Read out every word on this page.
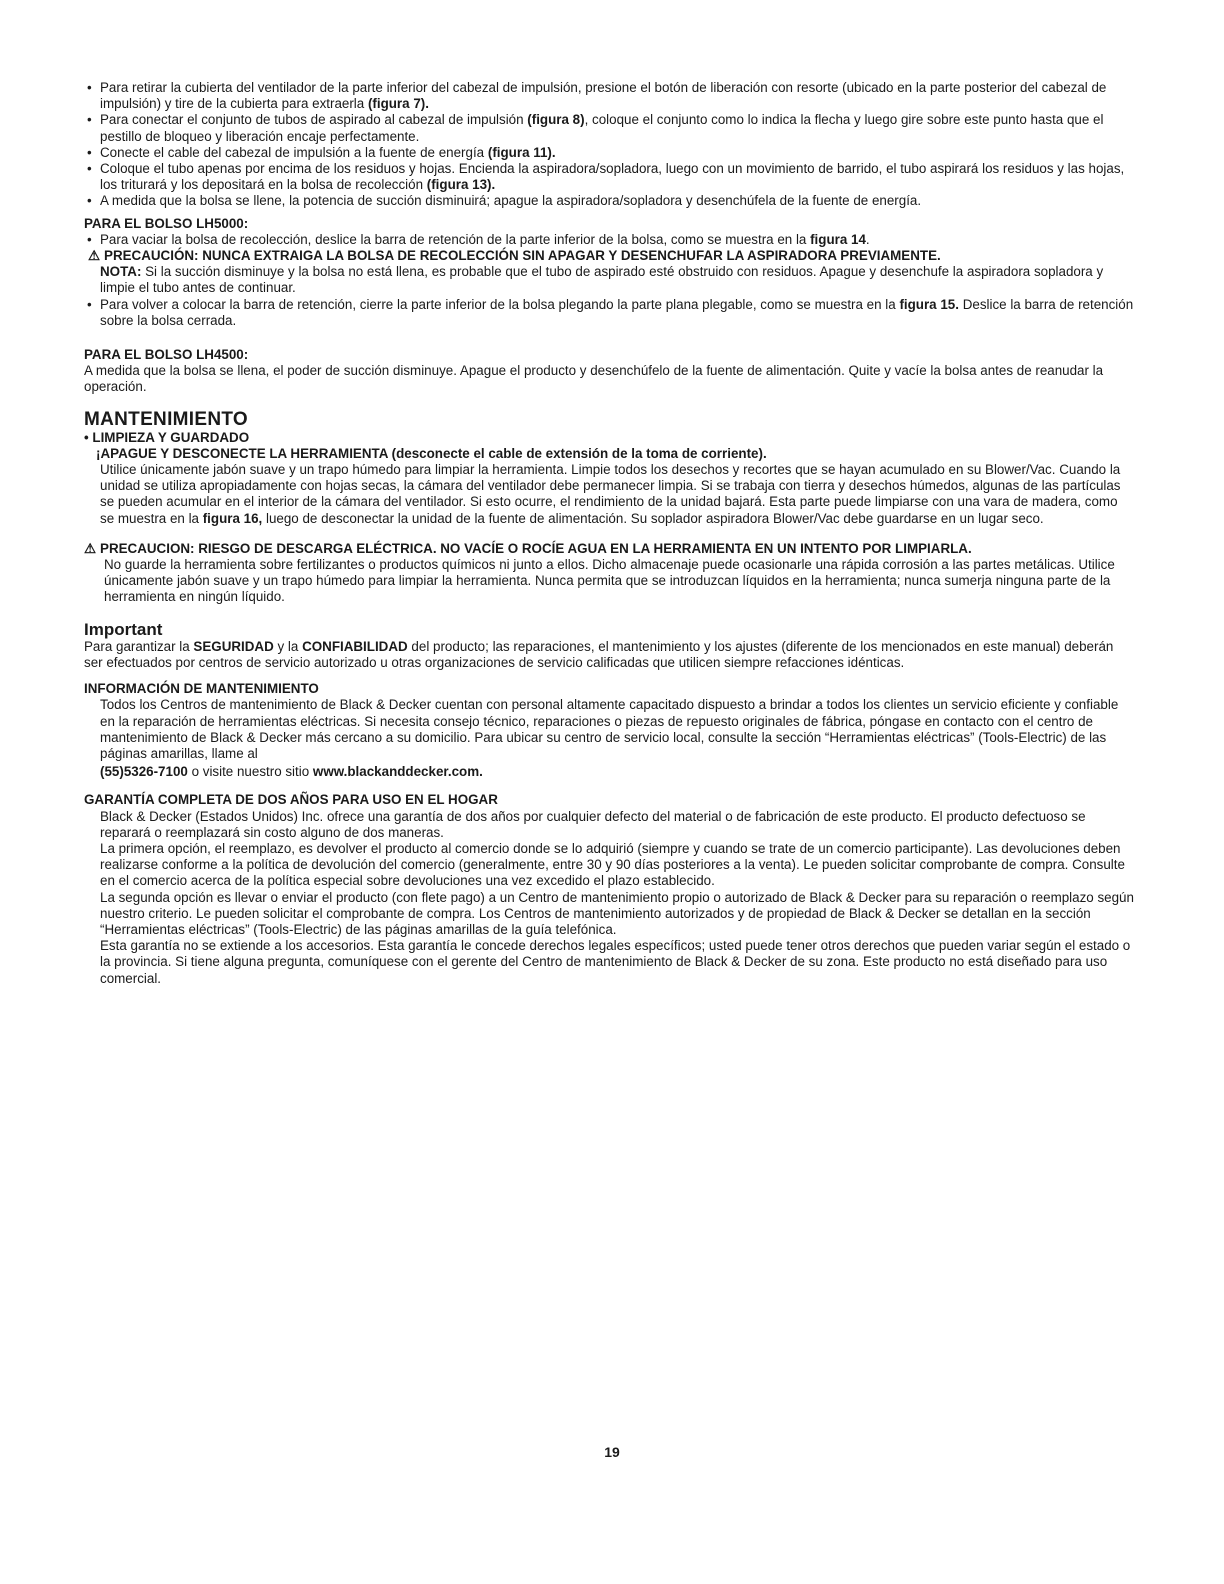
• Para retirar la cubierta del ventilador de la parte inferior del cabezal de impulsión, presione el botón de liberación con resorte (ubicado en la parte posterior del cabezal de impulsión) y tire de la cubierta para extraerla (figura 7).
• Para conectar el conjunto de tubos de aspirado al cabezal de impulsión (figura 8), coloque el conjunto como lo indica la flecha y luego gire sobre este punto hasta que el pestillo de bloqueo y liberación encaje perfectamente.
• Conecte el cable del cabezal de impulsión a la fuente de energía (figura 11).
• Coloque el tubo apenas por encima de los residuos y hojas. Encienda la aspiradora/sopladora, luego con un movimiento de barrido, el tubo aspirará los residuos y las hojas, los triturará y los depositará en la bolsa de recolección (figura 13).
• A medida que la bolsa se llene, la potencia de succión disminuirá; apague la aspiradora/sopladora y desenchúfela de la fuente de energía.
PARA EL BOLSO LH5000:
• Para vaciar la bolsa de recolección, deslice la barra de retención de la parte inferior de la bolsa, como se muestra en la figura 14.

⚠ PRECAUCIÓN: NUNCA EXTRAIGA LA BOLSA DE RECOLECCIÓN SIN APAGAR Y DESENCHUFAR LA ASPIRADORA PREVIAMENTE.

NOTA: Si la succión disminuye y la bolsa no está llena, es probable que el tubo de aspirado esté obstruido con residuos. Apague y desenchufe la aspiradora sopladora y limpie el tubo antes de continuar.

• Para volver a colocar la barra de retención, cierre la parte inferior de la bolsa plegando la parte plana plegable, como se muestra en la figura 15. Deslice la barra de retención sobre la bolsa cerrada.
PARA EL BOLSO LH4500:

A medida que la bolsa se llena, el poder de succión disminuye. Apague el producto y desenchúfelo de la fuente de alimentación. Quite y vacíe la bolsa antes de reanudar la operación.

MANTENIMIENTO
• LIMPIEZA Y GUARDADO

¡APAGUE Y DESCONECTE LA HERRAMIENTA (desconecte el cable de extensión de la toma de corriente).

Utilice únicamente jabón suave y un trapo húmedo para limpiar la herramienta. Limpie todos los desechos y recortes que se hayan acumulado en su Blower/Vac. Cuando la unidad se utiliza apropiadamente con hojas secas, la cámara del ventilador debe permanecer limpia. Si se trabaja con tierra y desechos húmedos, algunas de las partículas se pueden acumular en el interior de la cámara del ventilador. Si esto ocurre, el rendimiento de la unidad bajará. Esta parte puede limpiarse con una vara de madera, como se muestra en la figura 16, luego de desconectar la unidad de la fuente de alimentación. Su soplador aspiradora Blower/Vac debe guardarse en un lugar seco.

⚠ PRECAUCION: RIESGO DE DESCARGA ELÉCTRICA. NO VACÍE O ROCÍE AGUA EN LA HERRAMIENTA EN UN INTENTO POR LIMPIARLA.

No guarde la herramienta sobre fertilizantes o productos químicos ni junto a ellos. Dicho almacenaje puede ocasionarle una rápida corrosión a las partes metálicas. Utilice únicamente jabón suave y un trapo húmedo para limpiar la herramienta. Nunca permita que se introduzcan líquidos en la herramienta; nunca sumerja ninguna parte de la herramienta en ningún líquido.

Important

Para garantizar la SEGURIDAD y la CONFIABILIDAD del producto; las reparaciones, el mantenimiento y los ajustes (diferente de los mencionados en este manual) deberán ser efectuados por centros de servicio autorizado u otras organizaciones de servicio calificadas que utilicen siempre refacciones idénticas.

INFORMACIÓN DE MANTENIMIENTO

Todos los Centros de mantenimiento de Black & Decker cuentan con personal altamente capacitado dispuesto a brindar a todos los clientes un servicio eficiente y confiable en la reparación de herramientas eléctricas. Si necesita consejo técnico, reparaciones o piezas de repuesto originales de fábrica, póngase en contacto con el centro de mantenimiento de Black & Decker más cercano a su domicilio. Para ubicar su centro de servicio local, consulte la sección “Herramientas eléctricas” (Tools-Electric) de las páginas amarillas, llame al

(55)5326-7100 o visite nuestro sitio www.blackanddecker.com.

GARANTÍA COMPLETA DE DOS AÑOS PARA USO EN EL HOGAR

Black & Decker (Estados Unidos) Inc. ofrece una garantía de dos años por cualquier defecto del material o de fabricación de este producto. El producto defectuoso se reparará o reemplazará sin costo alguno de dos maneras.

La primera opción, el reemplazo, es devolver el producto al comercio donde se lo adquirió (siempre y cuando se trate de un comercio participante). Las devoluciones deben realizarse conforme a la política de devolución del comercio (generalmente, entre 30 y 90 días posteriores a la venta). Le pueden solicitar comprobante de compra. Consulte en el comercio acerca de la política especial sobre devoluciones una vez excedido el plazo establecido.

La segunda opción es llevar o enviar el producto (con flete pago) a un Centro de mantenimiento propio o autorizado de Black & Decker para su reparación o reemplazo según nuestro criterio. Le pueden solicitar el comprobante de compra. Los Centros de mantenimiento autorizados y de propiedad de Black & Decker se detallan en la sección

“Herramientas eléctricas” (Tools-Electric) de las páginas amarillas de la guía telefónica.

Esta garantía no se extiende a los accesorios. Esta garantía le concede derechos legales específicos; usted puede tener otros derechos que pueden variar según el estado o la provincia. Si tiene alguna pregunta, comuníquese con el gerente del Centro de mantenimiento de Black & Decker de su zona. Este producto no está diseñado para uso comercial.

19
